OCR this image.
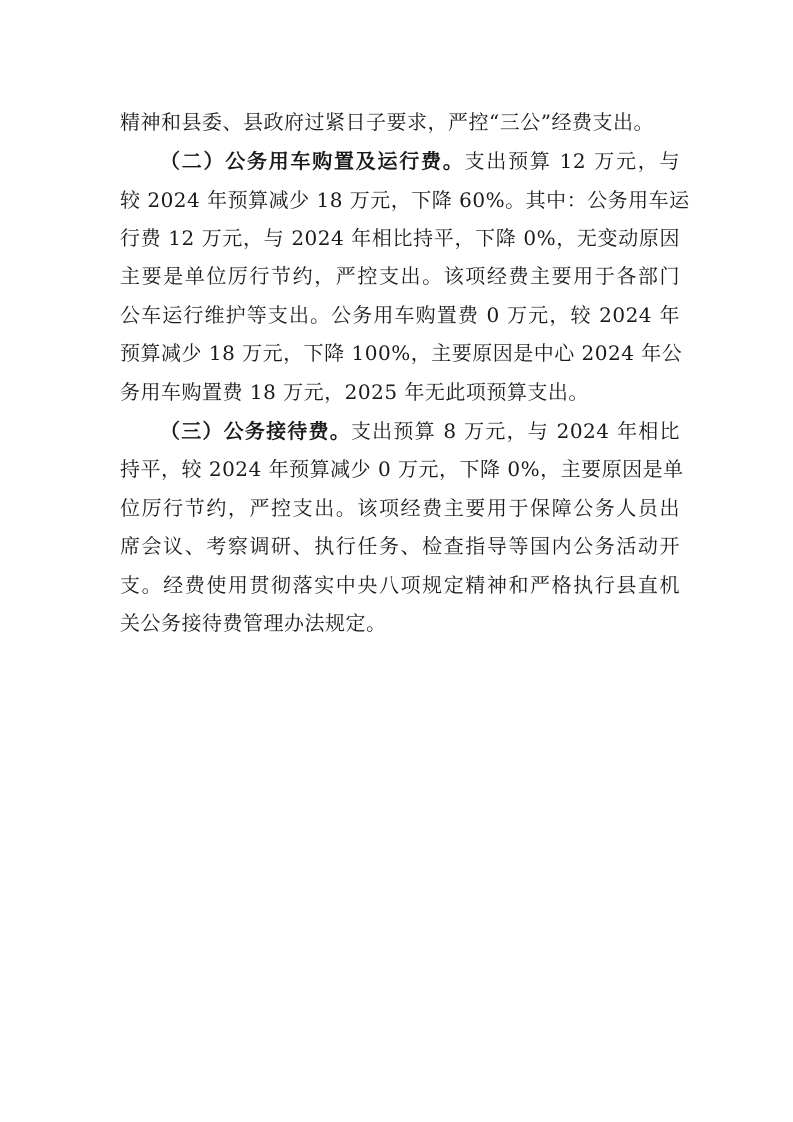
精神和县委、县政府过紧日子要求，严控“三公”经费支出。
（二）公务用车购置及运行费。支出预算 12 万元，与
较 2024 年预算减少 18 万元，下降 60%。其中：公务用车运
行费 12 万元，与 2024 年相比持平，下降 0%，无变动原因
主要是单位厉行节约，严控支出。该项经费主要用于各部门
公车运行维护等支出。公务用车购置费 0 万元，较 2024 年
预算减少 18 万元，下降 100%，主要原因是中心 2024 年公
务用车购置费 18 万元，2025 年无此项预算支出。
（三）公务接待费。支出预算 8 万元，与 2024 年相比
持平，较 2024 年预算减少 0 万元，下降 0%，主要原因是单
位厉行节约，严控支出。该项经费主要用于保障公务人员出
席会议、考察调研、执行任务、检查指导等国内公务活动开
支。经费使用贯彻落实中央八项规定精神和严格执行县直机
关公务接待费管理办法规定。
